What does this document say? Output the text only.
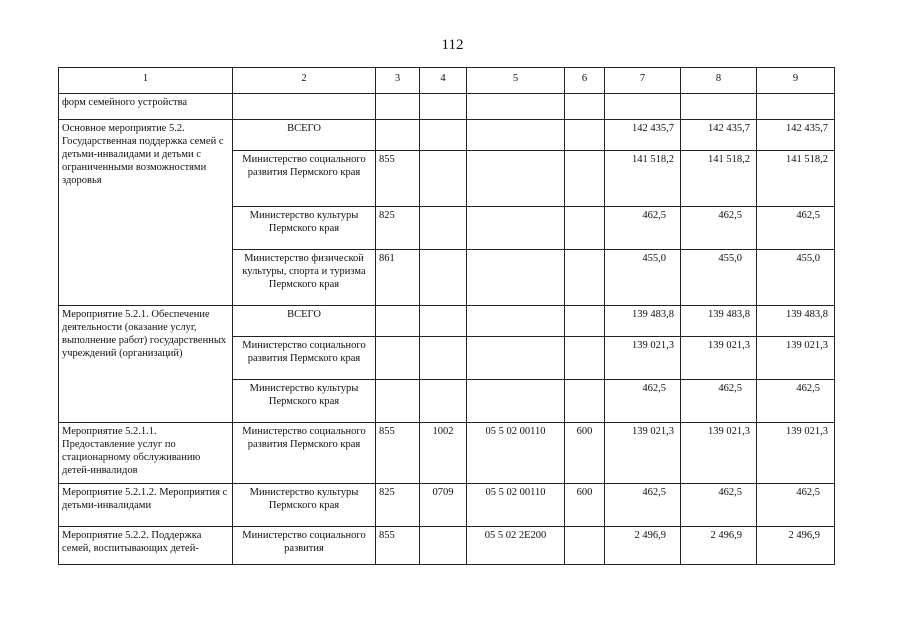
112
1	2	3	4	5	6	7	8	9
форм семейного устройства								
Основное мероприятие 5.2. Государственная поддержка семей с детьми-инвалидами и детьми с ограниченными возможностями здоровья	ВСЕГО					142 435,7	142 435,7	142 435,7
	Министерство социального развития Пермского края	855				141 518,2	141 518,2	141 518,2
	Министерство культуры Пермского края	825				462,5	462,5	462,5
	Министерство физической культуры, спорта и туризма Пермского края	861				455,0	455,0	455,0
Мероприятие 5.2.1. Обеспечение деятельности (оказание услуг, выполнение работ) государственных учреждений (организаций)	ВСЕГО					139 483,8	139 483,8	139 483,8
	Министерство социального развития Пермского края					139 021,3	139 021,3	139 021,3
	Министерство культуры Пермского края					462,5	462,5	462,5
Мероприятие 5.2.1.1. Предоставление услуг по стационарному обслуживанию детей-инвалидов	Министерство социального развития Пермского края	855	1002	05 5 02 00110	600	139 021,3	139 021,3	139 021,3
Мероприятие 5.2.1.2. Мероприятия с детьми-инвалидами	Министерство культуры Пермского края	825	0709	05 5 02 00110	600	462,5	462,5	462,5
Мероприятие 5.2.2. Поддержка семей, воспитывающих детей-	Министерство социального развития	855		05 5 02 2Е200		2 496,9	2 496,9	2 496,9
